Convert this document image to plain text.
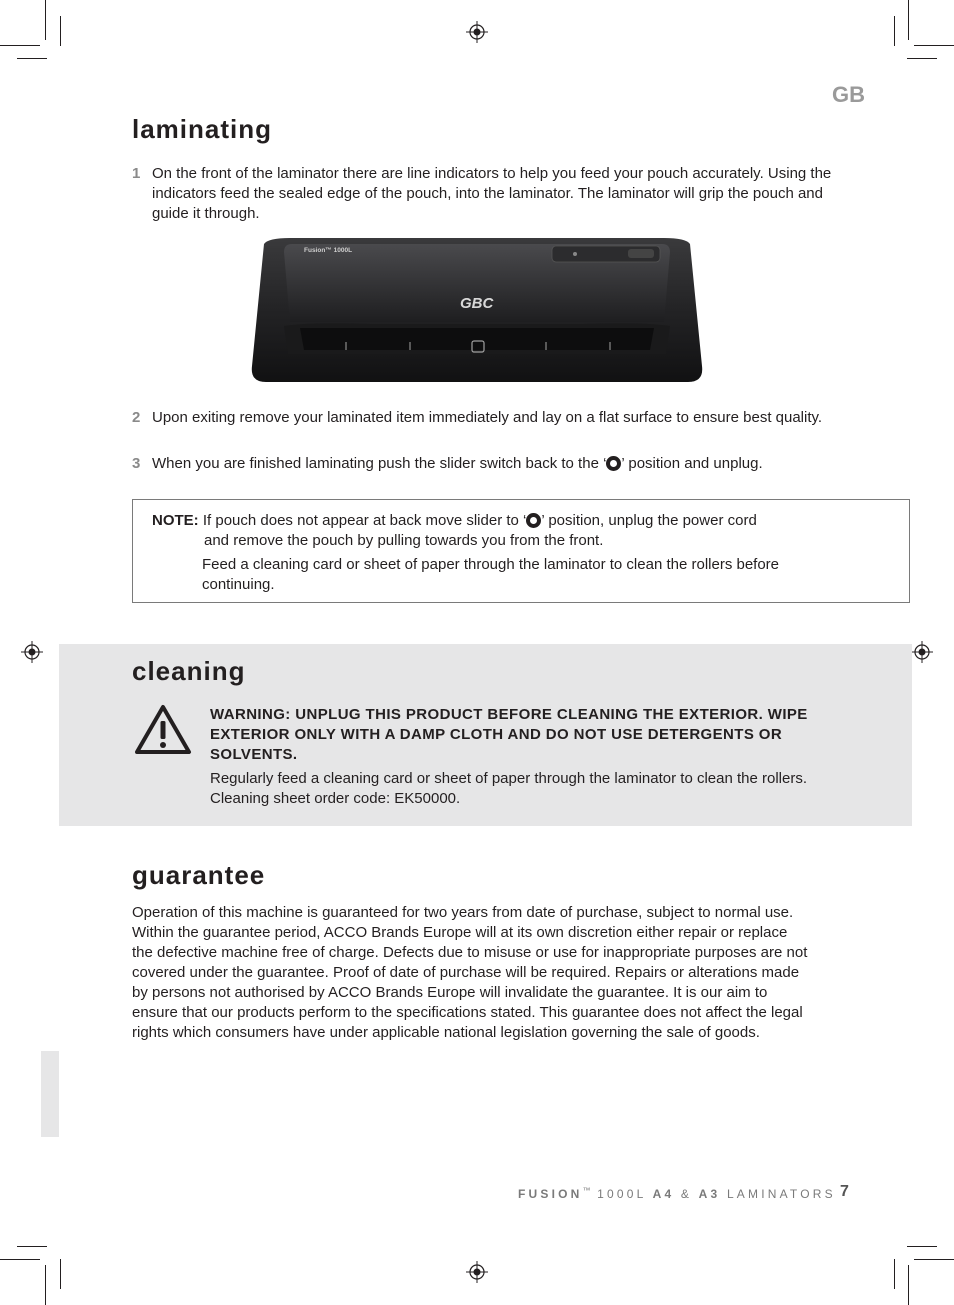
GB
laminating
1 On the front of the laminator there are line indicators to help you feed your pouch accurately. Using the indicators feed the sealed edge of the pouch, into the laminator. The laminator will grip the pouch and guide it through.
Fusion™ 1000L
GBC
2 Upon exiting remove your laminated item immediately and lay on a flat surface to ensure best quality.
3 When you are finished laminating push the slider switch back to the ‘ ’ position and unplug.
NOTE: If pouch does not appear at back move slider to ‘ ’ position, unplug the power cord
and remove the pouch by pulling towards you from the front.
Feed a cleaning card or sheet of paper through the laminator to clean the rollers before continuing.
cleaning
WARNING: UNPLUG THIS PRODUCT BEFORE CLEANING THE EXTERIOR. WIPE EXTERIOR ONLY WITH A DAMP CLOTH AND DO NOT USE DETERGENTS OR SOLVENTS.
Regularly feed a cleaning card or sheet of paper through the laminator to clean the rollers. Cleaning sheet order code: EK50000.
guarantee
Operation of this machine is guaranteed for two years from date of purchase, subject to normal use. Within the guarantee period, ACCO Brands Europe will at its own discretion either repair or replace the defective machine free of charge. Defects due to misuse or use for inappropriate purposes are not covered under the guarantee. Proof of date of purchase will be required. Repairs or alterations made by persons not authorised by ACCO Brands Europe will invalidate the guarantee. It is our aim to ensure that our products perform to the specifications stated. This guarantee does not affect the legal rights which consumers have under applicable national legislation governing the sale of goods.
FUSION™ 1000L A4 & A3 LAMINATORS 7
